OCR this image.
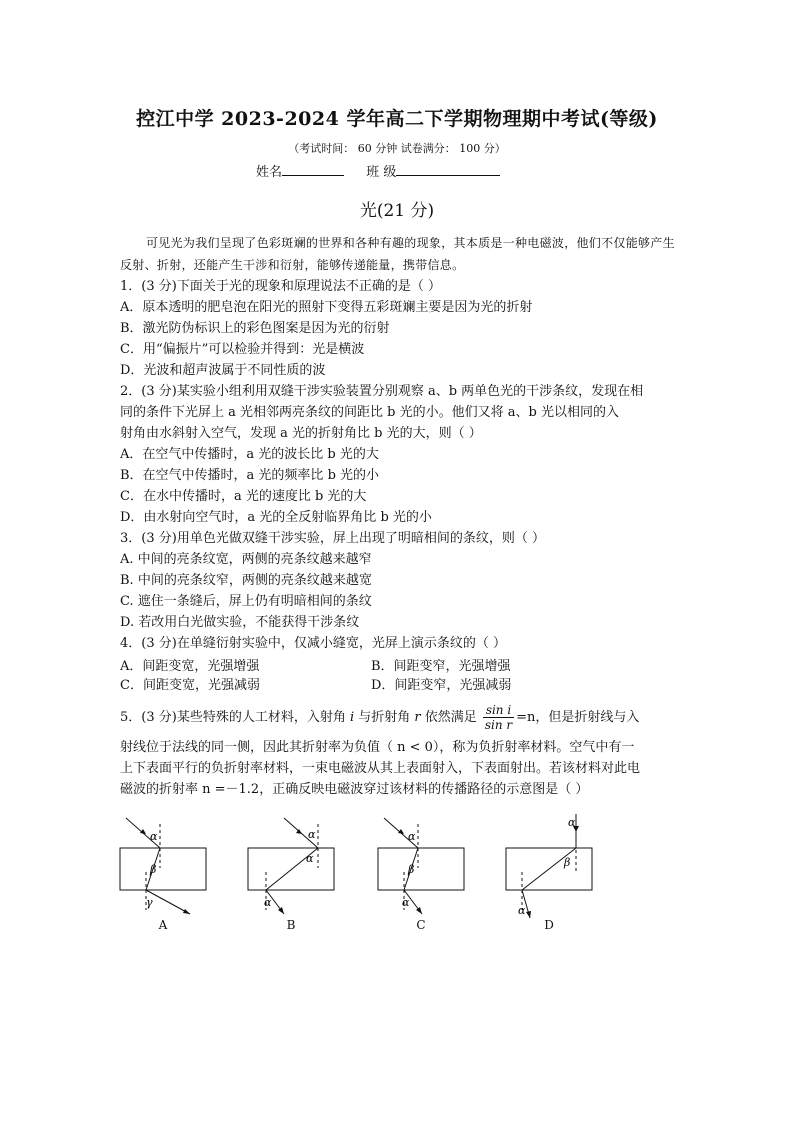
控江中学 2023-2024 学年高二下学期物理期中考试(等级)
（考试时间： 60 分钟 试卷满分： 100 分）
姓名	班 级
光(21 分)
可见光为我们呈现了色彩斑斓的世界和各种有趣的现象，其本质是一种电磁波，他们不仅能够产生反射、折射，还能产生干涉和衍射，能够传递能量，携带信息。
1．(3 分)下面关于光的现象和原理说法不正确的是（ ）
A．原本透明的肥皂泡在阳光的照射下变得五彩斑斓主要是因为光的折射
B．激光防伪标识上的彩色图案是因为光的衍射
C．用“偏振片”可以检验并得到：光是横波
D．光波和超声波属于不同性质的波
2．(3 分)某实验小组利用双缝干涉实验装置分别观察 a、b 两单色光的干涉条纹，发现在相
同的条件下光屏上 a 光相邻两亮条纹的间距比 b 光的小。他们又将 a、b 光以相同的入
射角由水斜射入空气，发现 a 光的折射角比 b 光的大，则（ ）
A．在空气中传播时，a 光的波长比 b 光的大
B．在空气中传播时，a 光的频率比 b 光的小
C．在水中传播时，a 光的速度比 b 光的大
D．由水射向空气时，a 光的全反射临界角比 b 光的小
3．(3 分)用单色光做双缝干涉实验，屏上出现了明暗相间的条纹，则（ ）
A. 中间的亮条纹宽，两侧的亮条纹越来越窄
B. 中间的亮条纹窄，两侧的亮条纹越来越宽
C. 遮住一条缝后，屏上仍有明暗相间的条纹
D. 若改用白光做实验，不能获得干涉条纹
4．(3 分)在单缝衍射实验中，仅减小缝宽，光屏上演示条纹的（ ）
A．间距变宽，光强增强	B．间距变窄，光强增强
C．间距变宽，光强减弱	D．间距变窄，光强减弱
5．(3 分)某些特殊的人工材料，入射角 i 与折射角 r 依然满足 $\frac{\text{sin i}}{\text{sin r}} =n$，但是折射线与入
射线位于法线的同一侧，因此其折射率为负值（ n < 0），称为负折射率材料。空气中有一
上下表面平行的负折射率材料，一束电磁波从其上表面射入，下表面射出。若该材料对此电
磁波的折射率 n =－1.2，正确反映电磁波穿过该材料的传播路径的示意图是（ ）
α
β
γ
A
α
α
α
B
α
β
α
C
α
β
α
D
